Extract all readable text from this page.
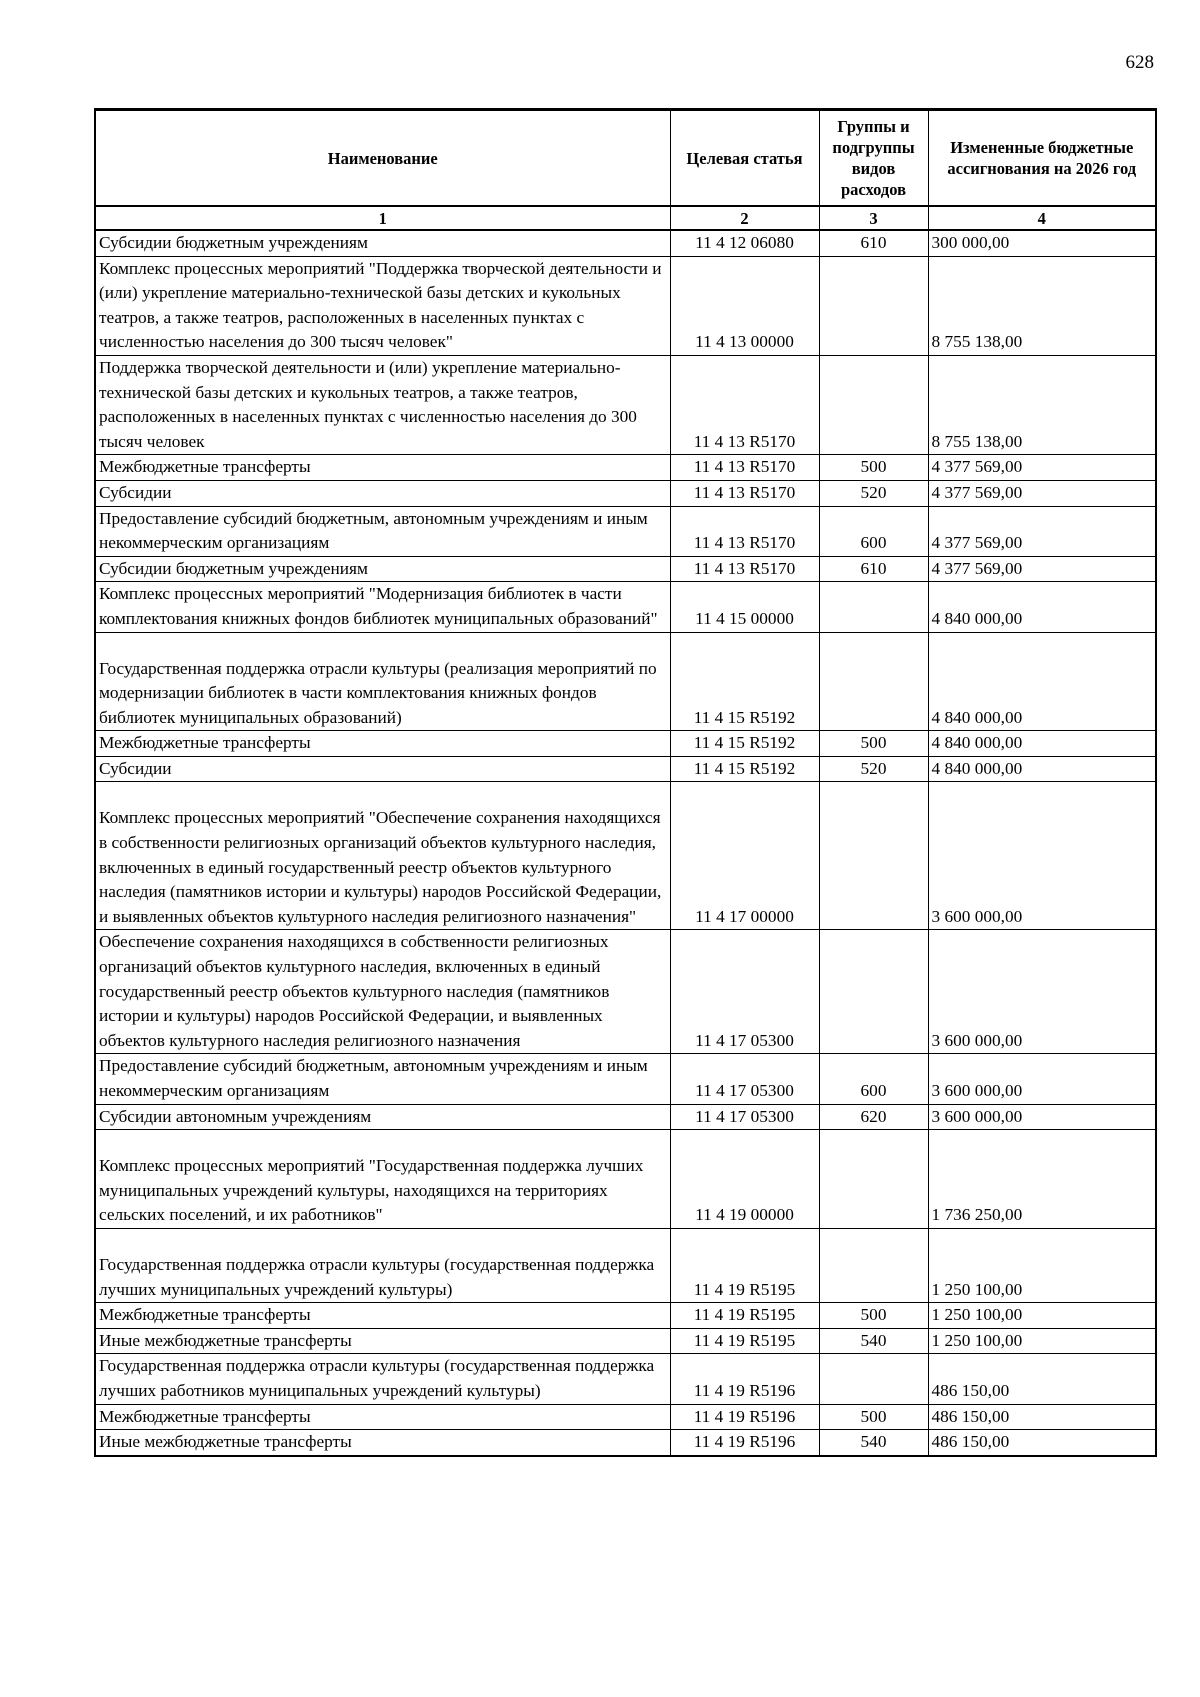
628
Наименование	Целевая статья	Группы и подгруппы видов расходов	Измененные бюджетные ассигнования на 2026 год
1	2	3	4
Субсидии бюджетным учреждениям	11 4 12 06080	610	300 000,00
Комплекс процессных мероприятий "Поддержка творческой деятельности и (или) укрепление материально-технической базы детских и кукольных театров, а также театров, расположенных в населенных пунктах с численностью населения до 300 тысяч человек"	11 4 13 00000		8 755 138,00
Поддержка творческой деятельности и (или) укрепление материально-технической базы детских и кукольных театров, а также театров, расположенных в населенных пунктах с численностью населения до 300 тысяч человек	11 4 13 R5170		8 755 138,00
Межбюджетные трансферты	11 4 13 R5170	500	4 377 569,00
Субсидии	11 4 13 R5170	520	4 377 569,00
Предоставление субсидий бюджетным, автономным учреждениям и иным некоммерческим организациям	11 4 13 R5170	600	4 377 569,00
Субсидии бюджетным учреждениям	11 4 13 R5170	610	4 377 569,00
Комплекс процессных мероприятий "Модернизация библиотек в части комплектования книжных фондов библиотек муниципальных образований"	11 4 15 00000		4 840 000,00
Государственная поддержка отрасли культуры (реализация мероприятий по модернизации библиотек в части комплектования книжных фондов библиотек муниципальных образований)	11 4 15 R5192		4 840 000,00
Межбюджетные трансферты	11 4 15 R5192	500	4 840 000,00
Субсидии	11 4 15 R5192	520	4 840 000,00
Комплекс процессных мероприятий "Обеспечение сохранения находящихся в собственности религиозных организаций объектов культурного наследия, включенных в единый государственный реестр объектов культурного наследия (памятников истории и культуры) народов Российской Федерации, и выявленных объектов культурного наследия религиозного назначения"	11 4 17 00000		3 600 000,00
Обеспечение сохранения находящихся в собственности религиозных организаций объектов культурного наследия, включенных в единый государственный реестр объектов культурного наследия (памятников истории и культуры) народов Российской Федерации, и выявленных объектов культурного наследия религиозного назначения	11 4 17 05300		3 600 000,00
Предоставление субсидий бюджетным, автономным учреждениям и иным некоммерческим организациям	11 4 17 05300	600	3 600 000,00
Субсидии автономным учреждениям	11 4 17 05300	620	3 600 000,00
Комплекс процессных мероприятий "Государственная поддержка лучших муниципальных учреждений культуры, находящихся на территориях сельских поселений, и их работников"	11 4 19 00000		1 736 250,00
Государственная поддержка отрасли культуры (государственная поддержка лучших муниципальных учреждений культуры)	11 4 19 R5195		1 250 100,00
Межбюджетные трансферты	11 4 19 R5195	500	1 250 100,00
Иные межбюджетные трансферты	11 4 19 R5195	540	1 250 100,00
Государственная поддержка отрасли культуры (государственная поддержка лучших работников муниципальных учреждений культуры)	11 4 19 R5196		486 150,00
Межбюджетные трансферты	11 4 19 R5196	500	486 150,00
Иные межбюджетные трансферты	11 4 19 R5196	540	486 150,00
